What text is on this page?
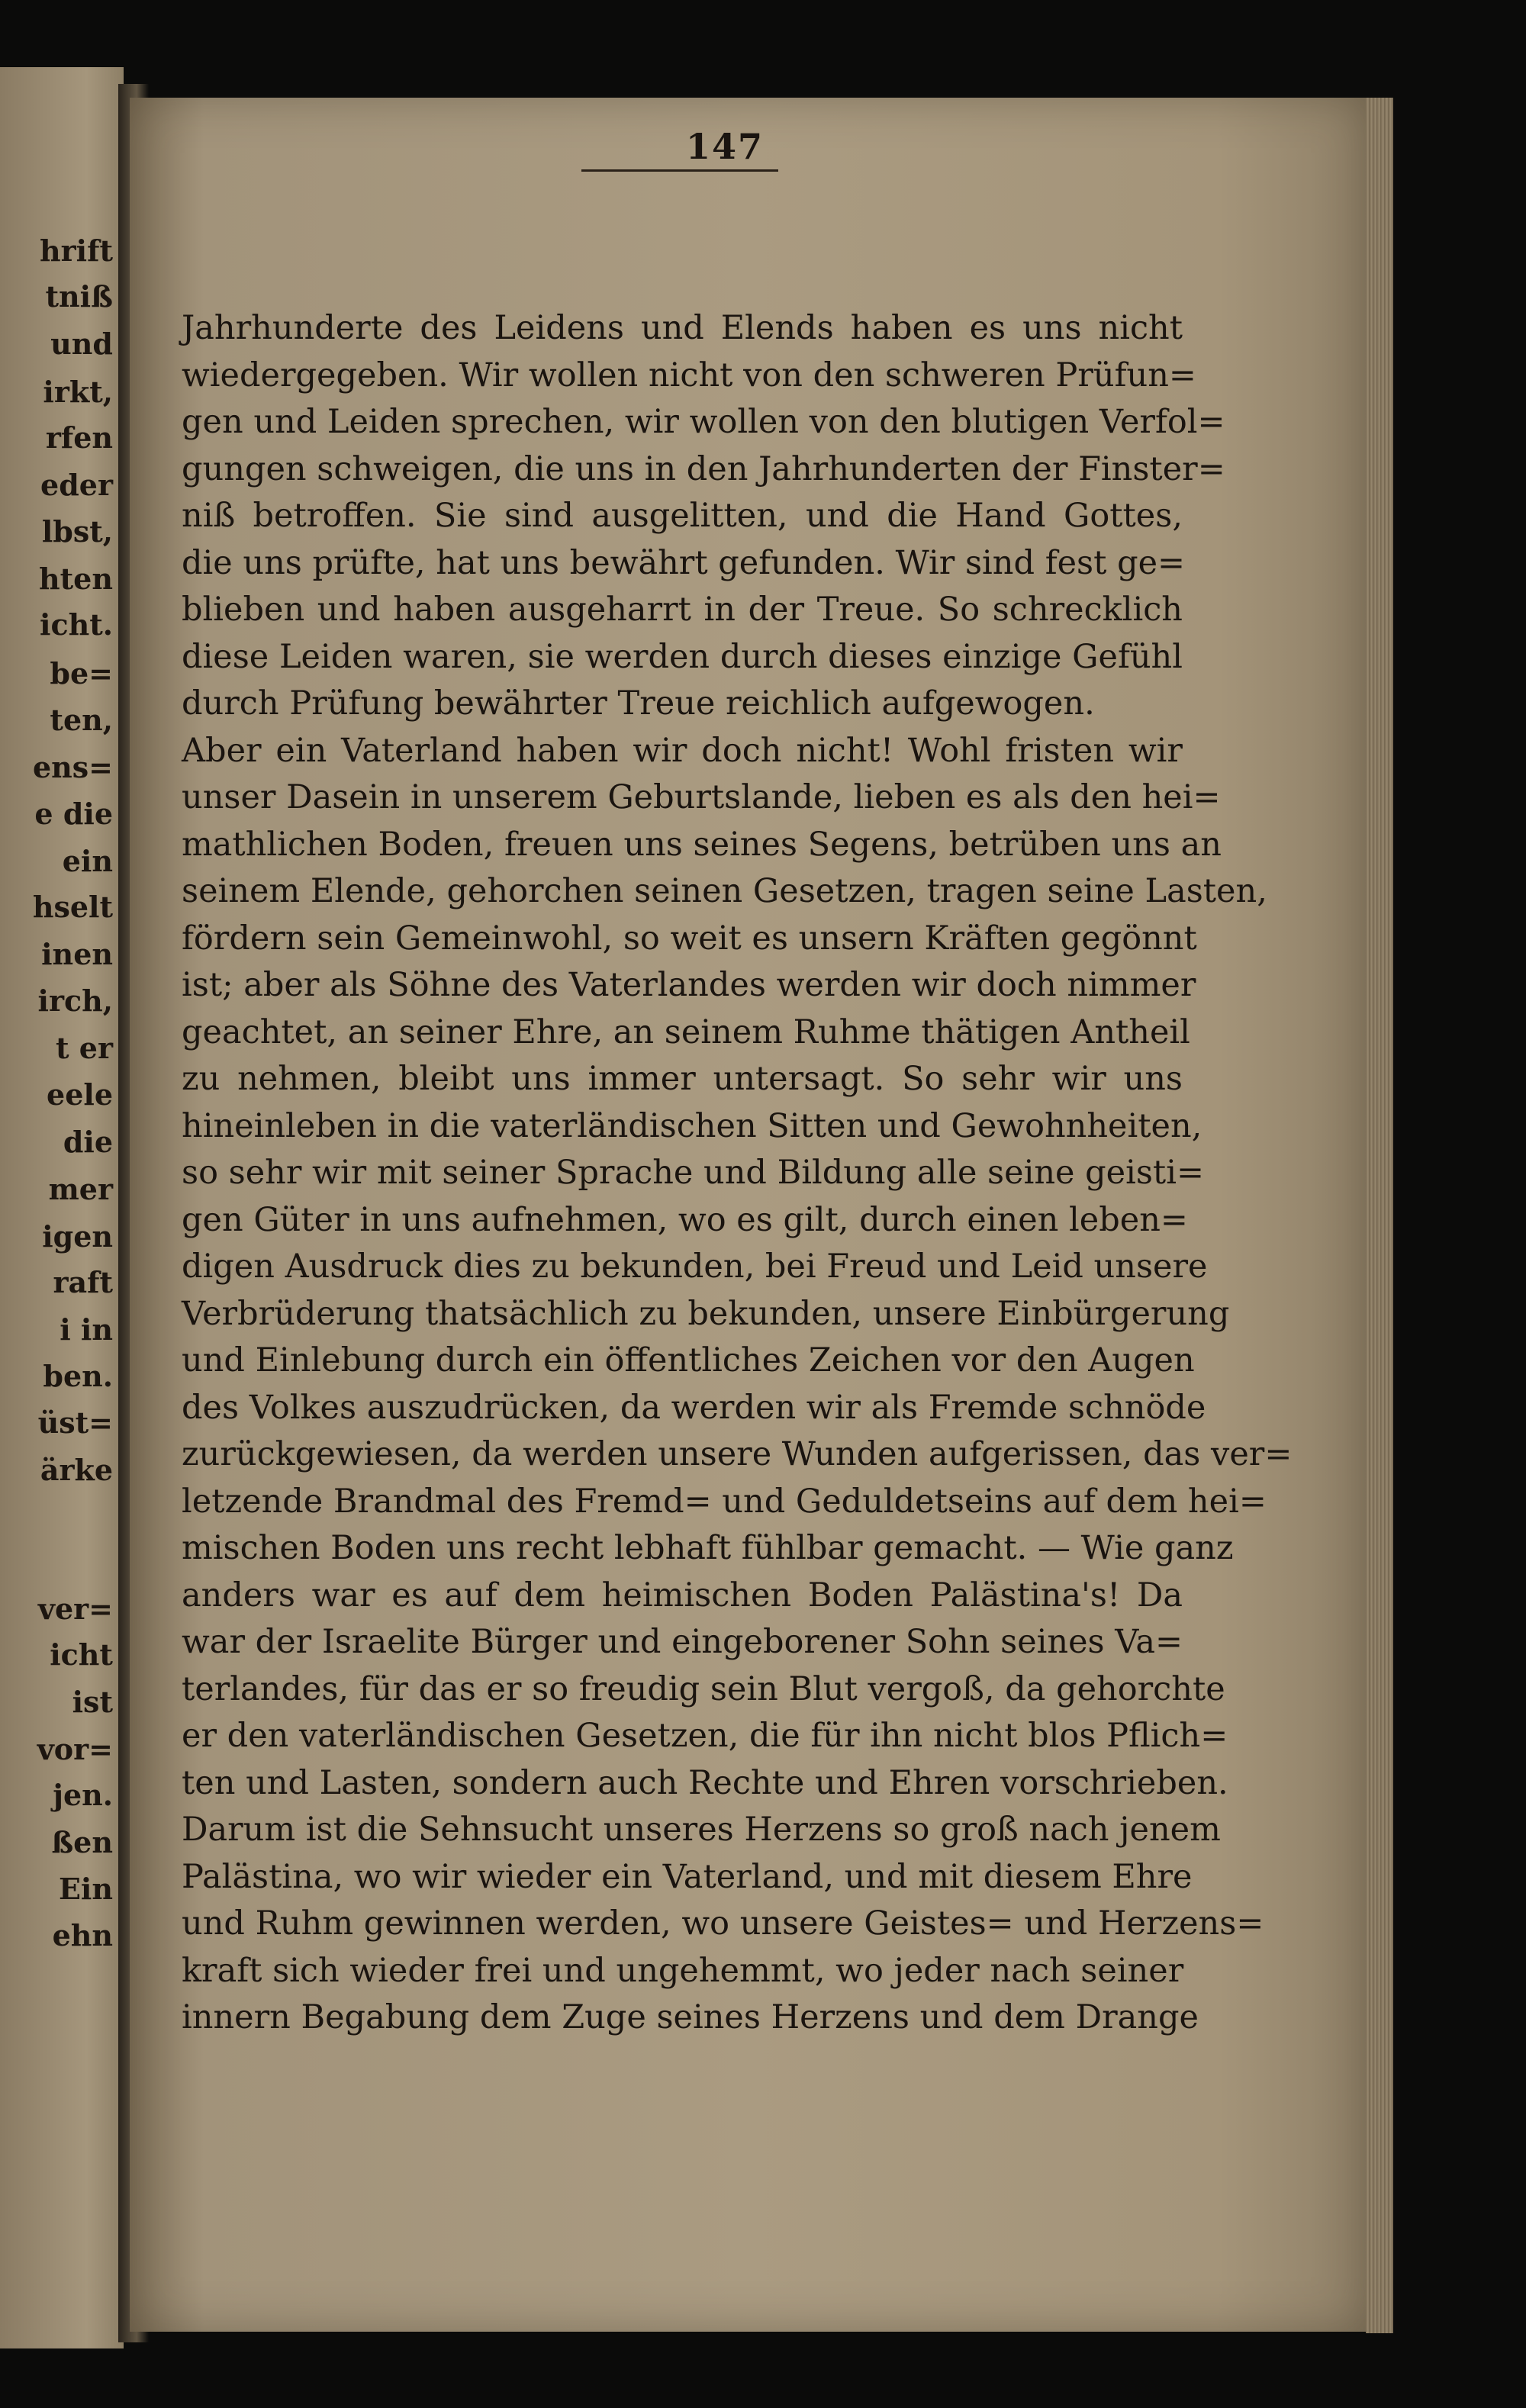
hrift
tniß
und
irkt,
rfen
eder
lbst,
hten
icht.
be=
ten,
ens=
e die
ein
hselt
inen
irch,
t er
eele
die
mer
igen
raft
i in
ben.
üst=
ärke
ver=
icht
ist
vor=
jen.
ßen
Ein
ehn
147
Jahrhunderte des Leidens und Elends haben es uns nicht
wiedergegeben. Wir wollen nicht von den schweren Prüfun=
gen und Leiden sprechen, wir wollen von den blutigen Verfol=
gungen schweigen, die uns in den Jahrhunderten der Finster=
niß betroffen. Sie sind ausgelitten, und die Hand Gottes,
die uns prüfte, hat uns bewährt gefunden. Wir sind fest ge=
blieben und haben ausgeharrt in der Treue. So schrecklich
diese Leiden waren, sie werden durch dieses einzige Gefühl
durch Prüfung bewährter Treue reichlich aufgewogen.
Aber ein Vaterland haben wir doch nicht! Wohl fristen wir
unser Dasein in unserem Geburtslande, lieben es als den hei=
mathlichen Boden, freuen uns seines Segens, betrüben uns an
seinem Elende, gehorchen seinen Gesetzen, tragen seine Lasten,
fördern sein Gemeinwohl, so weit es unsern Kräften gegönnt
ist; aber als Söhne des Vaterlandes werden wir doch nimmer
geachtet, an seiner Ehre, an seinem Ruhme thätigen Antheil
zu nehmen, bleibt uns immer untersagt. So sehr wir uns
hineinleben in die vaterländischen Sitten und Gewohnheiten,
so sehr wir mit seiner Sprache und Bildung alle seine geisti=
gen Güter in uns aufnehmen, wo es gilt, durch einen leben=
digen Ausdruck dies zu bekunden, bei Freud und Leid unsere
Verbrüderung thatsächlich zu bekunden, unsere Einbürgerung
und Einlebung durch ein öffentliches Zeichen vor den Augen
des Volkes auszudrücken, da werden wir als Fremde schnöde
zurückgewiesen, da werden unsere Wunden aufgerissen, das ver=
letzende Brandmal des Fremd= und Geduldetseins auf dem hei=
mischen Boden uns recht lebhaft fühlbar gemacht. — Wie ganz
anders war es auf dem heimischen Boden Palästina's! Da
war der Israelite Bürger und eingeborener Sohn seines Va=
terlandes, für das er so freudig sein Blut vergoß, da gehorchte
er den vaterländischen Gesetzen, die für ihn nicht blos Pflich=
ten und Lasten, sondern auch Rechte und Ehren vorschrieben.
Darum ist die Sehnsucht unseres Herzens so groß nach jenem
Palästina, wo wir wieder ein Vaterland, und mit diesem Ehre
und Ruhm gewinnen werden, wo unsere Geistes= und Herzens=
kraft sich wieder frei und ungehemmt, wo jeder nach seiner
innern Begabung dem Zuge seines Herzens und dem Drange
